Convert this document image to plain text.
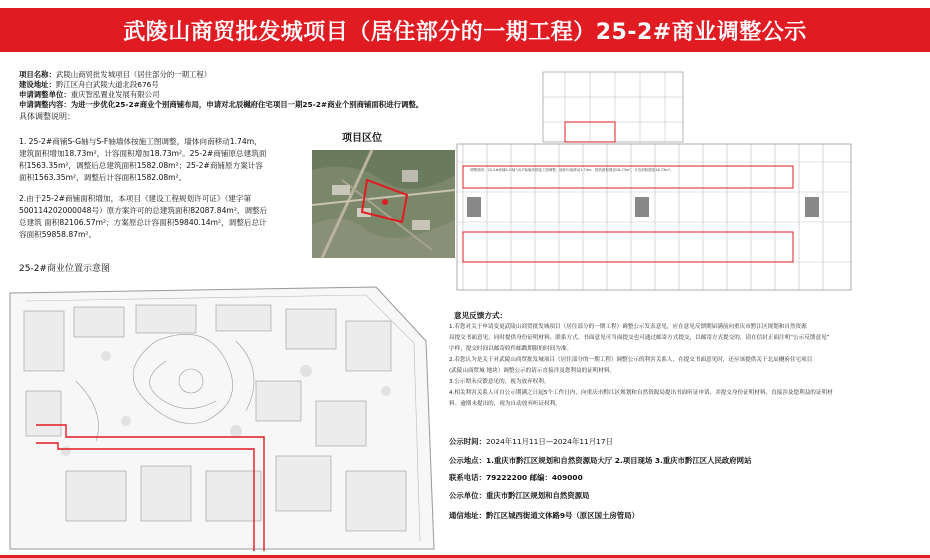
武陵山商贸批发城项目（居住部分的一期工程）25-2#商业调整公示
项目名称：武陵山商贸批发城项目（居住部分的一期工程）
建设地址：黔江区舟白武陵大道北段676号
申请调整单位：重庆智泓置业发展有限公司
申请调整内容：为进一步优化25-2#商业个别商铺布局，申请对北辰樾府住宅项目一期25-2#商业个别商铺面积进行调整。
具体调整说明：
1. 25-2#商铺S-G轴与S-F轴墙体按施工图调整，墙体向南移动1.74m，
建筑面积增加18.73m²，计容面积增加18.73m²。25-2#商铺原总建筑面
积1563.35m²，调整后总建筑面积1582.08m²；25-2#商铺原方案计容
面积1563.35m²，调整后计容面积1582.08m²。
2.由于25-2#商铺面积增加，本项目《建设工程规划许可证》（建字第
500114202000048号）原方案许可的总建筑面积82087.84m²，调整后
总建筑 面积82106.57m²；方案原总计容面积59840.14m²，调整后总计
容面积59858.87m²。
项目区位
25-2#商业位置示意图
调整说明：25-2#商铺S-G轴与S-F轴墙体按施工图调整，墙体向南移动1.74m，建筑面积增加18.73m²，计容面积增加18.73m²。
意见反馈方式：
1.若您对关于申请变更武陵山商贸批发城项目（居住部分的一期工程）调整公示发表意见，应在意见反馈期届满前向重庆市黔江区规划和自然资源
局提交书面意见，同时提供身份证明材料、联系方式。书面意见可当面提交也可通过邮寄方式提交，以邮寄方式提交的，请在信封正面注明“公示反馈意见”
字样，提交时间以邮寄收件邮戳期限的时间为准。
2.若您认为是关于对武陵山商贸批发城项目（居住部分的一期工程）调整公示的利害关系人，在提交书面意见时，还应该提供关于北辰樾府住宅项目
(武陵山商贸城 地块）调整公示的请示直接涉及您利益的证明材料。
3.公示期未反馈意见的，视为放弃权利。
4.相关利害关系人可自公示期满之日起5个工作日内，向重庆市黔江区规划和自然资源局提出书面听证申请，并提交身份证明材料、直接涉及您利益的证明材
料。逾期未提出的，视为自动放弃听证权利。
公示时间：2024年11月11日—2024年11月17日
公示地点：1.重庆市黔江区规划和自然资源局大厅 2.项目现场 3.重庆市黔江区人民政府网站
联系电话：79222200 邮编：409000
公示单位：重庆市黔江区规划和自然资源局
通信地址：黔江区城西街道文体路9号（原区国土房管局）
